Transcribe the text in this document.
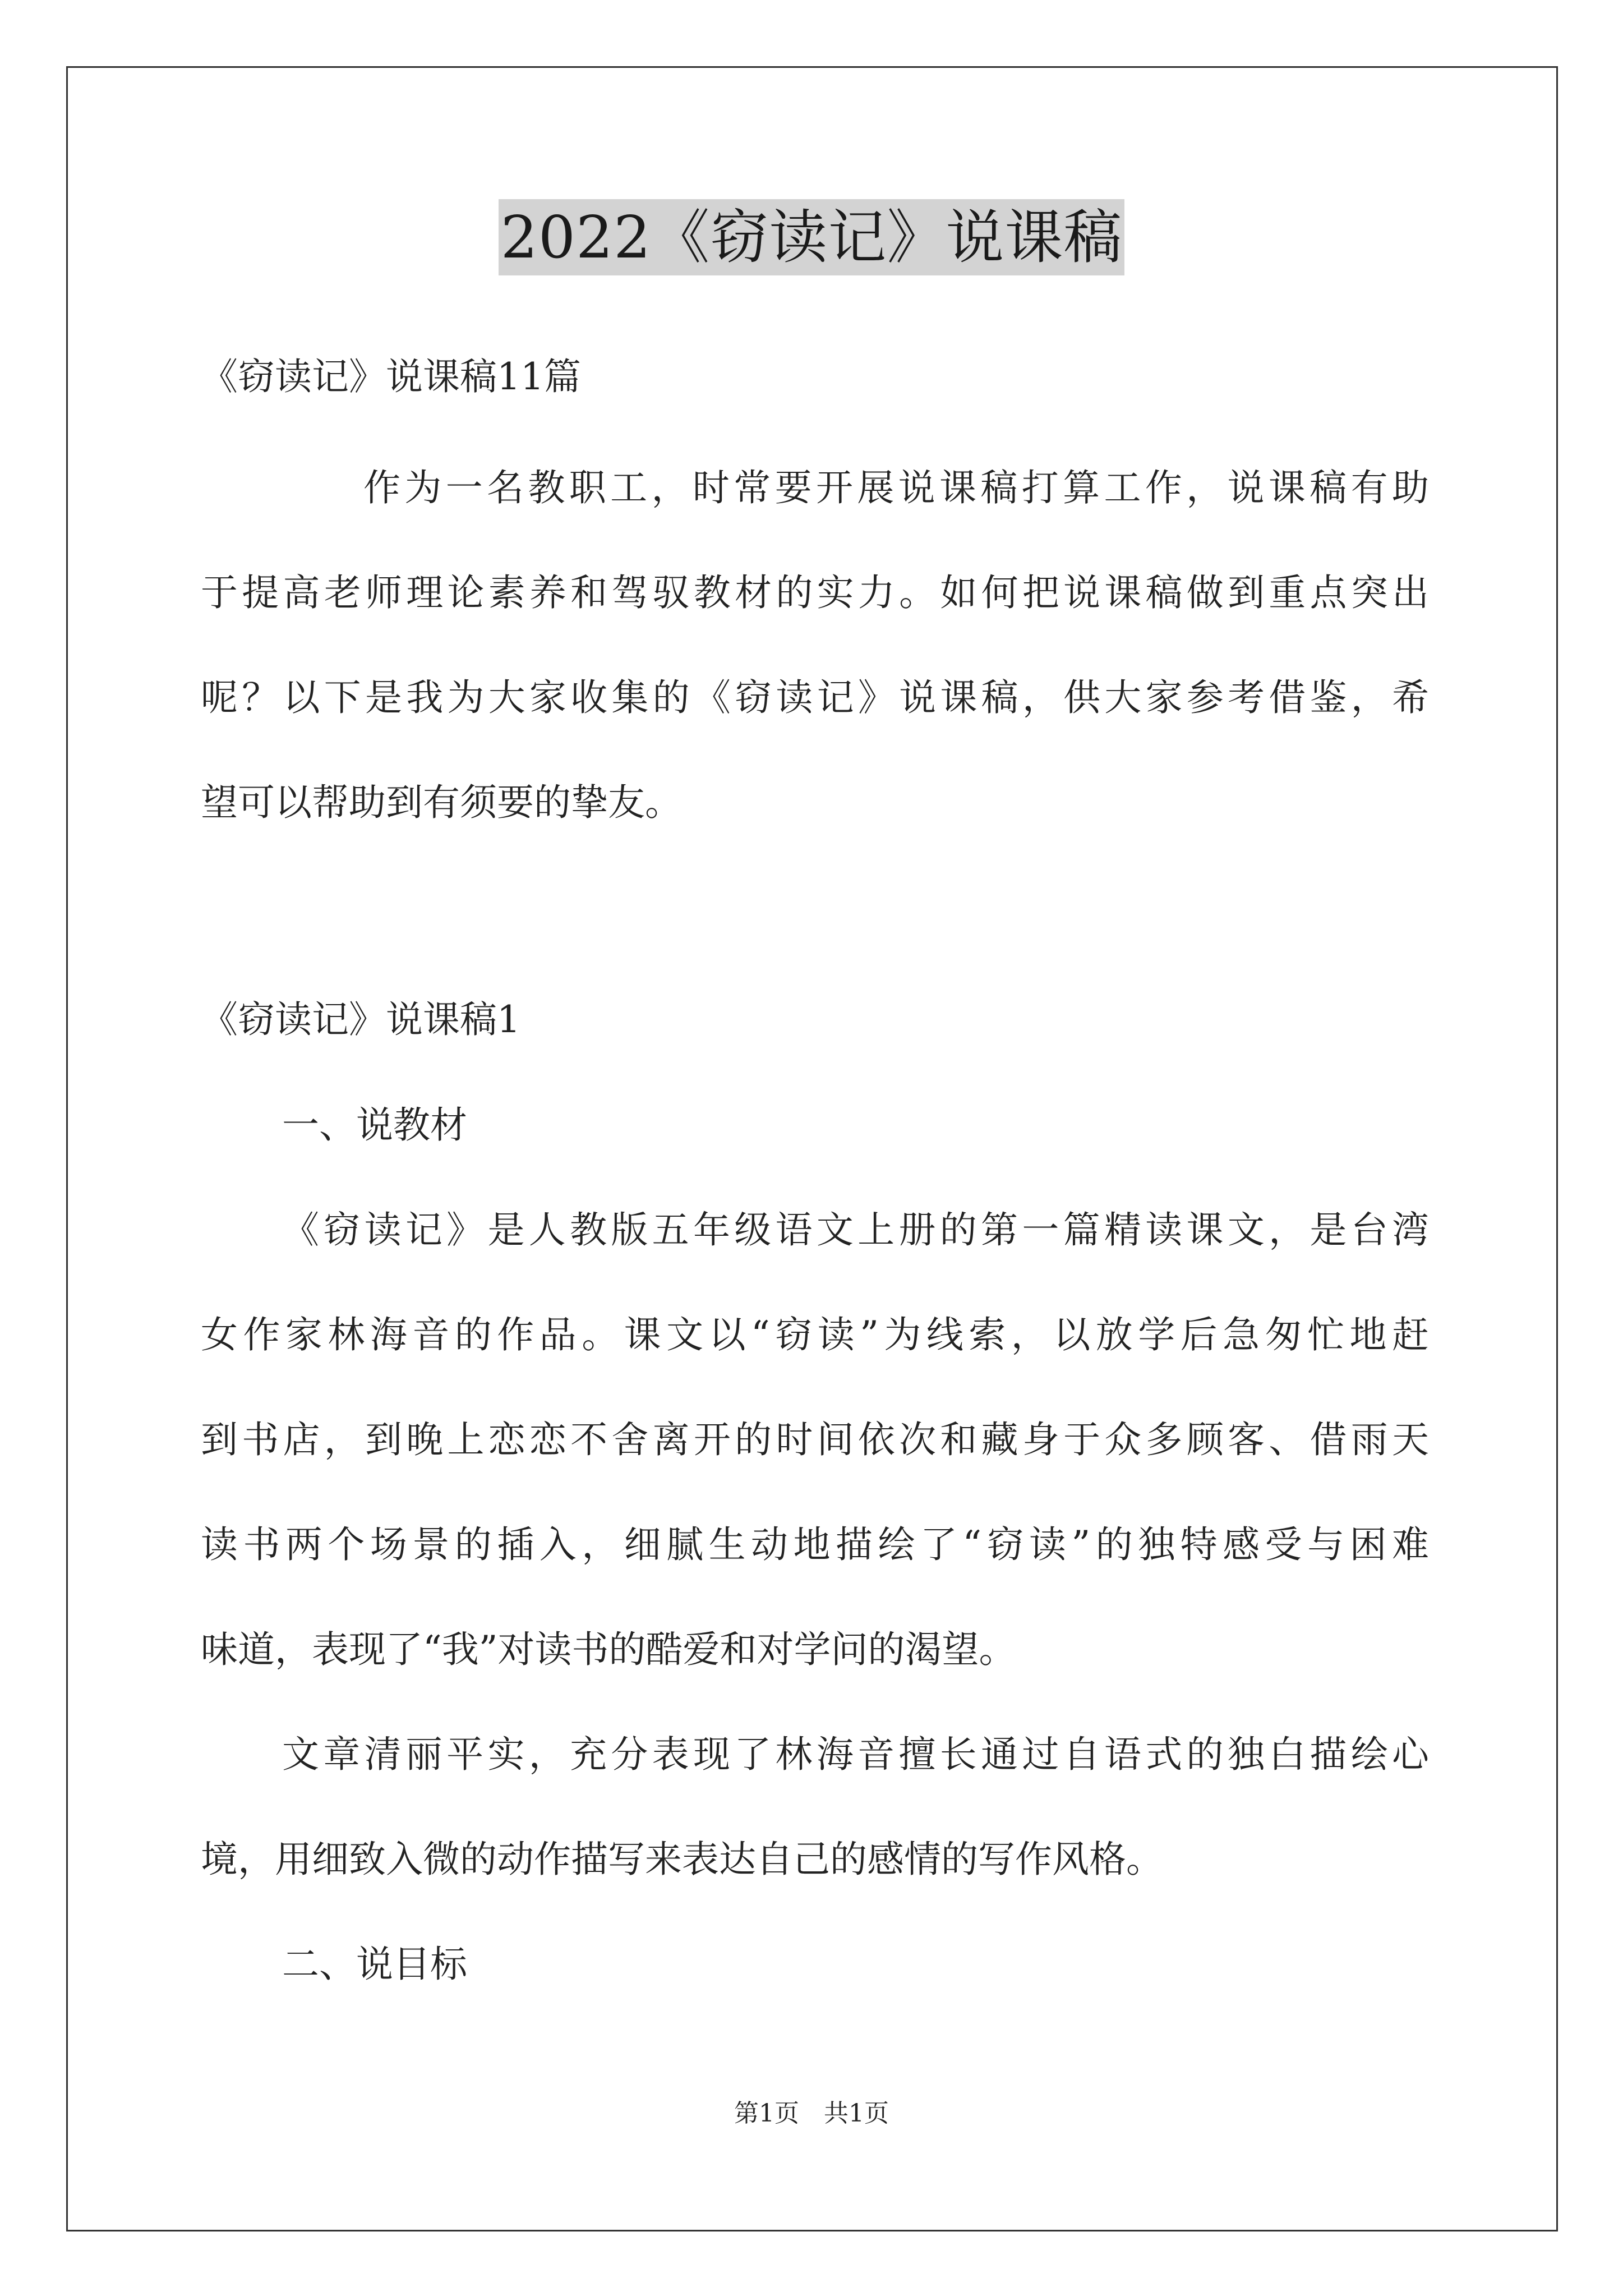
2022《窃读记》说课稿
《窃读记》说课稿11篇
作为一名教职工，时常要开展说课稿打算工作，说课稿有助
于提高老师理论素养和驾驭教材的实力。如何把说课稿做到重点突出
呢？以下是我为大家收集的《窃读记》说课稿，供大家参考借鉴，希
望可以帮助到有须要的挚友。
《窃读记》说课稿1
一、说教材
《窃读记》是人教版五年级语文上册的第一篇精读课文，是台湾
女作家林海音的作品。课文以“窃读”为线索，以放学后急匆忙地赶
到书店，到晚上恋恋不舍离开的时间依次和藏身于众多顾客、借雨天
读书两个场景的插入，细腻生动地描绘了“窃读”的独特感受与困难
味道，表现了“我”对读书的酷爱和对学问的渴望。
文章清丽平实，充分表现了林海音擅长通过自语式的独白描绘心
境，用细致入微的动作描写来表达自己的感情的写作风格。
二、说目标
第1页　共1页
